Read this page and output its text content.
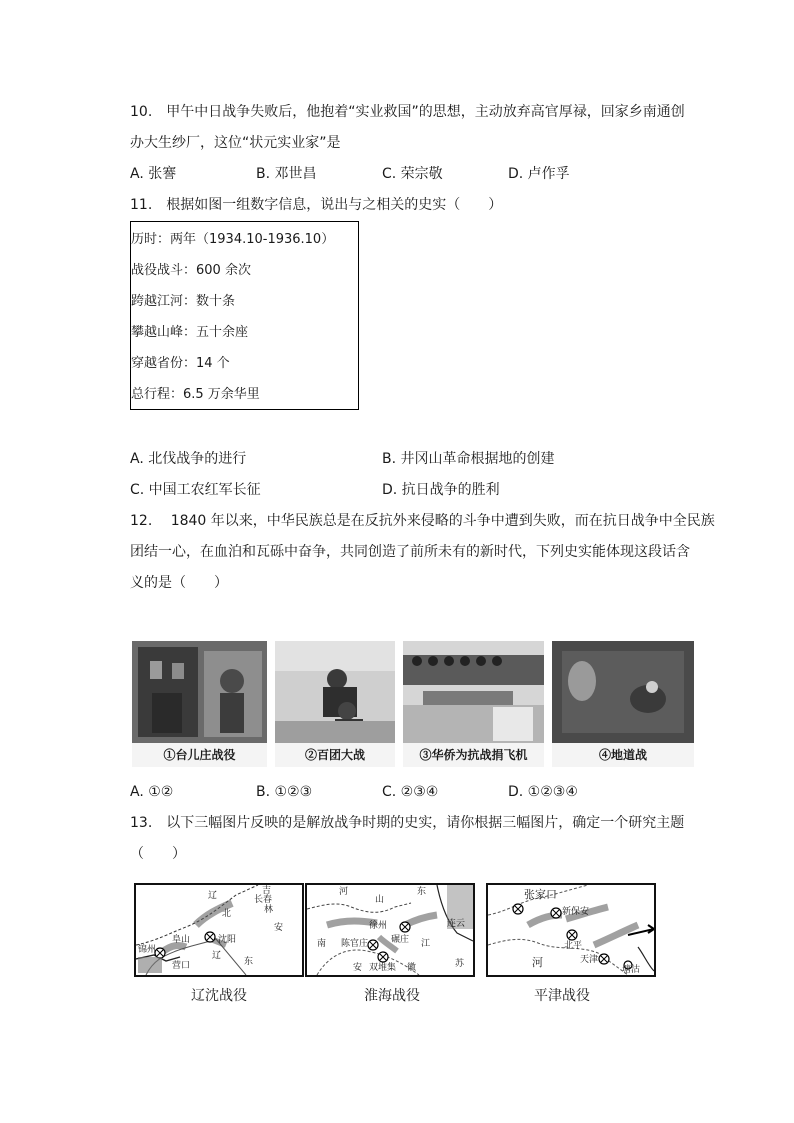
10.　甲午中日战争失败后，他抱着“实业救国”的思想，主动放弃高官厚禄，回家乡南通创
办大生纱厂，这位“状元实业家”是
A. 张謇	B. 邓世昌	C. 荣宗敬	D. 卢作孚
11.　根据如图一组数字信息，说出与之相关的史实（　　）
历时：两年（1934.10-1936.10）
战役战斗：600 余次
跨越江河：数十条
攀越山峰：五十余座
穿越省份：14 个
总行程：6.5 万余华里
A. 北伐战争的进行	B. 井冈山革命根据地的创建
C. 中国工农红军长征	D. 抗日战争的胜利
12.　 1840 年以来，中华民族总是在反抗外来侵略的斗争中遭到失败，而在抗日战争中全民族
团结一心，在血泊和瓦砾中奋争，共同创造了前所未有的新时代，下列史实能体现这段话含
义的是（　　）
①台儿庄战役	②百团大战	③华侨为抗战捐飞机	④地道战
A. ①②	B. ①②③	C. ②③④	D. ①②③④
13.　以下三幅图片反映的是解放战争时期的史实，请你根据三幅图片，确定一个研究主题
（　　）
辽	吉
长春
林
北
安
阜山	沈阳
锦州
营口
辽
东
辽沈战役
河
山
东
徐州	连云
南 陈官庄	碾庄 江
双堆集
安	徽	苏
淮海战役
张家口
新保安
北平
天津
河
塘沽
平津战役
